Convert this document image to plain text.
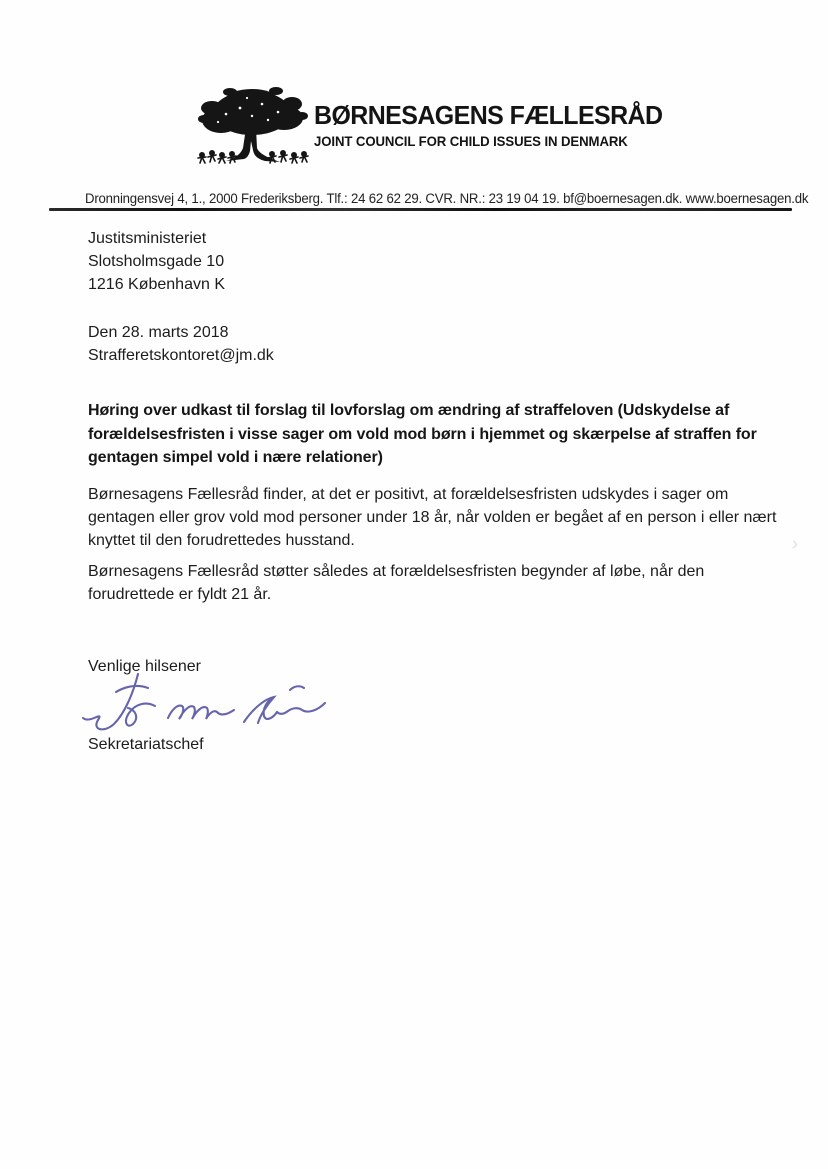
BØRNESAGENS FÆLLESRÅD
JOINT COUNCIL FOR CHILD ISSUES IN DENMARK
Dronningensvej 4, 1., 2000 Frederiksberg. Tlf.: 24 62 62 29. CVR. NR.: 23 19 04 19. bf@boernesagen.dk. www.boernesagen.dk
Justitsministeriet
Slotsholmsgade 10
1216 København K
Den 28. marts 2018
Strafferetskontoret@jm.dk
Høring over udkast til forslag til lovforslag om ændring af straffeloven (Udskydelse af forældelsesfristen i visse sager om vold mod børn i hjemmet og skærpelse af straffen for gentagen simpel vold i nære relationer)
Børnesagens Fællesråd finder, at det er positivt, at forældelsesfristen udskydes i sager om gentagen eller grov vold mod personer under 18 år, når volden er begået af en person i eller nært knyttet til den forudrettedes husstand.
Børnesagens Fællesråd støtter således at forældelsesfristen begynder af løbe, når den forudrettede er fyldt 21 år.
Venlige hilsener
Sekretariatschef
›
